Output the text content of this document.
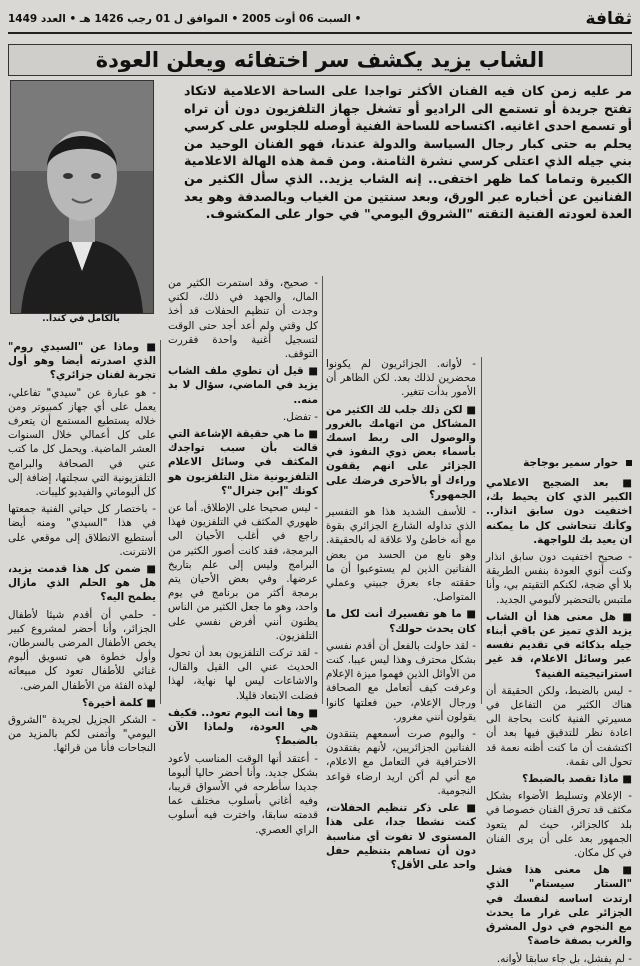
ثقافة
• السبت 06 أوت 2005 • الموافق ل 01 رجب 1426 هـ • العدد 1449
الشاب يزيد يكشف سر اختفائه ويعلن العودة
مر عليه زمن كان فيه الفنان الأكثر تواجدا على الساحة الاعلامية لاتكاد تفتح جريدة أو تستمع الى الراديو أو تشغل جهاز التلفزيون دون أن تراه أو تسمع احدى اغانيه. اكتساحه للساحة الفنية أوصله للجلوس على كرسي يحلم به حتى كبار رجال السياسة والدولة عندنا، فهو الفنان الوحيد من بني جيله الذي اعتلى كرسي نشرة الثامنة. ومن قمة هذه الهالة الاعلامية الكبيرة وتماما كما ظهر اختفى.. إنه الشاب يزيد.. الذي سأل الكثير من الفنانين عن أخباره عبر الورق، وبعد سنتين من الغياب وبالصدفة وهو يعد العدة لعودته الفنية التقته "الشروق اليومي" في حوار على المكشوف.
بالكامل في كندا..
حوار سمير بوجاجة

■ بعد الضجيج الاعلامي الكبير الذي كان يحيط بك، اختفيت دون سابق انذار.. وكأنك تتحاشى كل ما يمكنه ان يعيد بك للواجهة.

- صحيح اختفيت دون سابق انذار وكنت أنوي العودة بنفس الطريقة بلا أي ضجة، لكنكم التقيتم بي، وأنا ملتبس بالتحضير لألبومي الجديد.

■ هل معنى هذا أن الشاب يزيد الذي تميز عن باقي أبناء جيله بذكائه في تقديم نفسه عبر وسائل الاعلام، قد غير استراتيجيته الفنية؟

- ليس بالضبط، ولكن الحقيقة أن هناك الكثير من التفاعل في مسيرتي الفنية كانت بحاجة الى اعادة نظر للتدقيق فيها بعد أن اكتشفت أن ما كنت أظنه نعمة قد تحول الى نقمة.

■ ماذا تقصد بالضبط؟

- الإعلام وتسليط الأضواء بشكل مكثف قد تحرق الفنان خصوصا في بلد كالجزائر، حيث لم يتعود الجمهور بعد على أن يرى الفنان في كل مكان.

■ هل معنى هذا فشل "الستار سيستام" الذي ارتدت اساسه لنفسك في الجزائر على غرار ما يحدث مع النجوم في دول المشرق والغرب بصفة خاصة؟

- لم يفشل، بل جاء سابقا لأوانه.

- لأوانه. الجزائريون لم يكونوا محضرين لذلك بعد. لكن الظاهر أن الأمور بدأت تتغير.

■ لكن ذلك جلب لك الكثير من المشاكل من اتهامك بالغرور والوصول الى ربط اسمك بأسماء بعض ذوي النفوذ في الجزائر على انهم يقفون وراءك أو بالأحرى فرضك على الجمهور؟

- للأسف الشديد هذا هو التفسير الذي تداوله الشارع الجزائري بقوة مع أنه خاطئ ولا علاقة له بالحقيقة. وهو نابع من الحسد من بعض الفنانين الذين لم يستوعبوا أن ما حققته جاء بعرق جبيني وعملي المتواصل.

■ ما هو تفسيرك أنت لكل ما كان يحدث حولك؟

- لقد حاولت بالفعل أن أقدم نفسي بشكل محترف وهذا ليس عيبا. كنت من الأوائل الذين فهموا ميزة الإعلام وعرفت كيف أتعامل مع الصحافة ورجال الإعلام، حين فعلتها كانوا يقولون أنني مغرور.

- واليوم صرت أسمعهم يتنقدون الفنانين الجزائريين، لأنهم يفتقدون الاحترافية في التعامل مع الاعلام، مع أني لم أكن اريد ارضاء قواعد النجومية.

■ على ذكر تنظيم الحفلات، كنت نشطا جدا، على هذا المستوى لا تفوت أي مناسبة دون أن تساهم بتنظيم حفل واحد على الأقل؟

- صحيح، وقد استمرت الكثير من المال، والجهد في ذلك، لكني وجدت أن تنظيم الحفلات قد أخذ كل وقتي ولم أعد أجد حتى الوقت لتسجيل أغنية واحدة فقررت التوقف.

■ قيل أن تطوي ملف الشاب يزيد في الماضي، سؤال لا بد منه..

- تفضل.

■ ما هي حقيقة الإشاعة التي قالت بأن سبب تواجدك المكثف في وسائل الاعلام التلفزيونية مثل التلفزيون هو كونك "إبن جنرال"؟

- ليس صحيحا على الإطلاق. أما عن ظهوري المكثف في التلفزيون فهذا راجع في أغلب الأحيان الى البرمجة، فقد كانت أصور الكثير من البرامج وليس إلى علم بتاريخ عرضها. وفي بعض الأحيان يتم برمجة أكثر من برنامج في يوم واحد، وهو ما جعل الكثير من الناس يظنون أنني أفرض نفسي على التلفزيون.

- لقد تركت التلفزيون بعد أن تحول الحديث عني الى القيل والقال، والاشاعات ليس لها نهاية، لهذا فضلت الابتعاد قليلا.

■ وها أنت اليوم تعود.. فكيف هي العودة، ولماذا الآن بالضبط؟

- أعتقد أنها الوقت المناسب لأعود بشكل جديد. وأنا أحضر حاليا ألبوما جديدا سأطرحه في الأسواق قريبا، وفيه أغاني بأسلوب مختلف عما قدمته سابقا، واخترت فيه أسلوب الراي العصري.

■ وماذا عن "السيدي روم" الذي اصدرته أيضا وهو أول تجربة لفنان جزائري؟

- هو عبارة عن "سيدي" تفاعلي، يعمل على أي جهاز كمبيوتر ومن خلاله يستطيع المستمع أن يتعرف على كل أعمالي خلال السنوات العشر الماضية. ويحمل كل ما كتب عني في الصحافة والبرامج التلفزيونية التي سجلتها، إضافة إلى كل ألبوماتي والفيديو كليبات.

- باختصار كل حياتي الفنية جمعتها في هذا "السيدي" ومنه أيضا أستطيع الانطلاق إلى موقعي على الانترنت.

■ ضمن كل هذا قدمت يزيد، هل هو الحلم الذي مازال يطمح اليه؟

- حلمي أن أقدم شيئا لأطفال الجزائر، وأنا أحضر لمشروع كبير يخص الأطفال المرضى بالسرطان، وأول خطوة هي تسويق ألبوم غنائي للأطفال تعود كل مبيعاته لهذه الفئة من الأطفال المرضى.

■ كلمة أخيرة؟

- الشكر الجزيل لجريدة "الشروق اليومي" وأتمنى لكم بالمزيد من النجاحات فأنا من قرائها.
